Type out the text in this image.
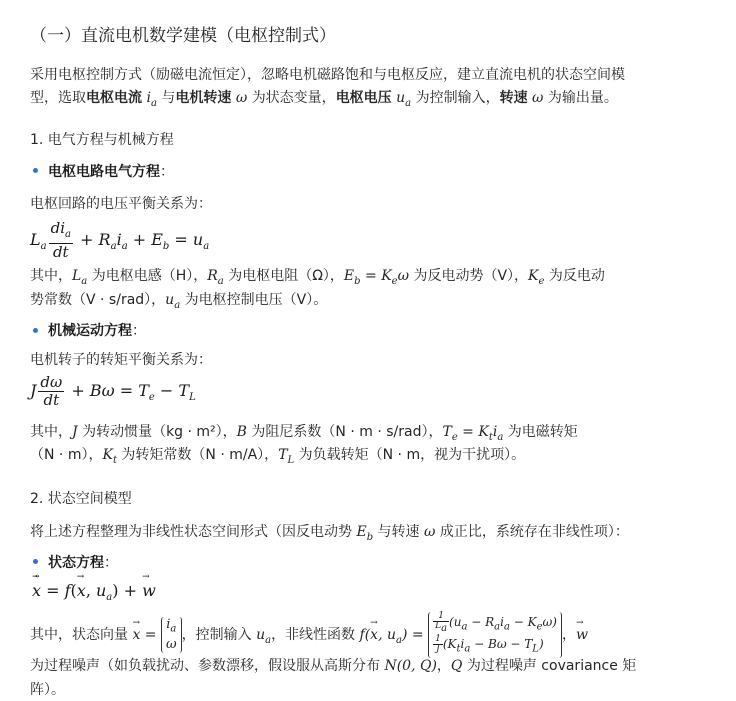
（一）直流电机数学建模（电枢控制式）

采用电枢控制方式（励磁电流恒定），忽略电机磁路饱和与电枢反应，建立直流电机的状态空间模

型，选取电枢电流 $i_a$ 与电机转速 ω 为状态变量，电枢电压 $u_a$ 为控制输入，转速 ω 为输出量。

1. 电气方程与机械方程

电枢电路电气方程：

电枢回路的电压平衡关系为：

$L_a \frac{di_a}{dt} + R_ai_a + E_b = u_a$

其中，$L_a$ 为电枢电感（H），$R_a$ 为电枢电阻（Ω），$E_b = K_e\omega$ 为反电动势（V），$K_e$ 为反电动

势常数（V · s/rad），$u_a$ 为电枢控制电压（V）。

机械运动方程：

电机转子的转矩平衡关系为：

J $\frac{d\omega}{dt} + B\omega = T_e - T_L$

其中，J 为转动惯量（kg · m²），B 为阻尼系数（N · m · s/rad），$T_e = K_ti_a$ 为电磁转矩

（N · m），$K_t$ 为转矩常数（N · m/A），$T_L$ 为负载转矩（N · m，视为干扰项）。

2. 状态空间模型

将上述方程整理为非线性状态空间形式（因反电动势 $E_b$ 与转速 ω 成正比，系统存在非线性项）：

状态方程：

· → x = f(→ x, $u_a$) + → w
其中，状态向量 → x =
$i_a$
ω
，控制输入 $u_a$，非线性函数 f(→ x, $u_a$) =
$\frac{1}{L_a} (u_a - R_ai_a - K_e\omega)$
$\frac{1}{J} (K_ti_a - B\omega - T_L)$
，→ w

为过程噪声（如负载扰动、参数漂移，假设服从高斯分布 N(0, Q)，Q 为过程噪声 covariance 矩

阵）。
